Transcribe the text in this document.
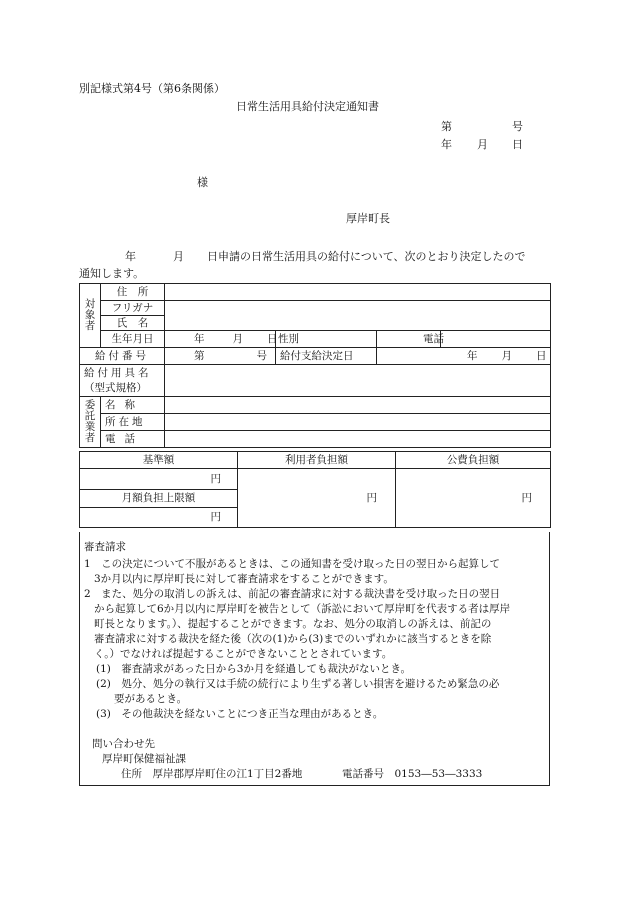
別記様式第4号（第6条関係）
日常生活用具給付決定通知書
第	号
年 月 日
様
厚岸町長
年	月 日申請の日常生活用具の給付について、次のとおり決定したので
通知します。
対象者	住　所				
	フリガナ				
	氏　名				
	生年月日	年 月 日	性別	電話	
給付番号		第 号	給付支給決定日	年 月 日	

給付用具名
（型式規格）					

委託業者	名称				
	所在地				
	電話				
基準額	利用者負担額	公費負担額
円	円	円
月額負担上限額		
円		
審査請求
1　この決定について不服があるときは、この通知書を受け取った日の翌日から起算して
3か月以内に厚岸町長に対して審査請求をすることができます。
2　また、処分の取消しの訴えは、前記の審査請求に対する裁決書を受け取った日の翌日
から起算して6か月以内に厚岸町を被告として（訴訟において厚岸町を代表する者は厚岸
町長となります。）、提起することができます。なお、処分の取消しの訴えは、前記の
審査請求に対する裁決を経た後（次の(1)から(3)までのいずれかに該当するときを除
く。）でなければ提起することができないこととされています。
(1)　審査請求があった日から3か月を経過しても裁決がないとき。
(2)　処分、処分の執行又は手続の続行により生ずる著しい損害を避けるため緊急の必
要があるとき。
(3)　その他裁決を経ないことにつき正当な理由があるとき。
問い合わせ先
厚岸町保健福祉課
住所　厚岸郡厚岸町住の江1丁目2番地	電話番号　0153―53―3333
